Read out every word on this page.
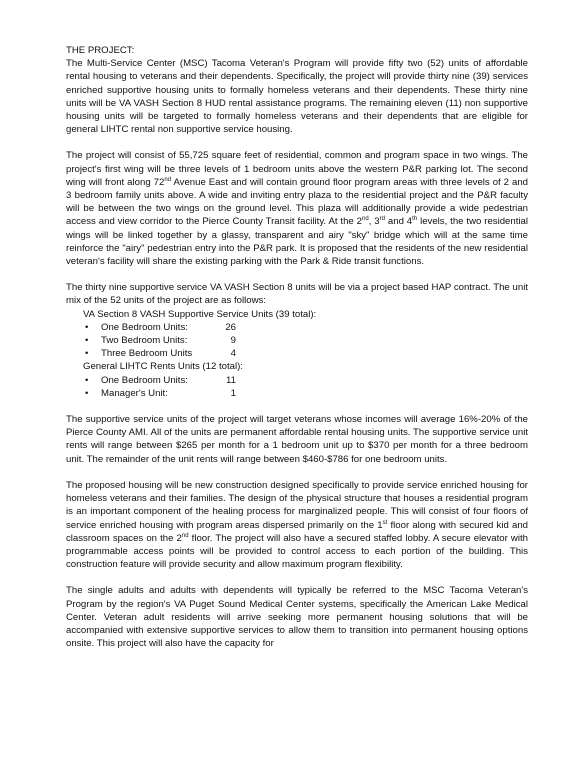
THE PROJECT:

The Multi-Service Center (MSC) Tacoma Veteran's Program will provide fifty two (52) units of affordable rental housing to veterans and their dependents. Specifically, the project will provide thirty nine (39) services enriched supportive housing units to formally homeless veterans and their dependents. These thirty nine units will be VA VASH Section 8 HUD rental assistance programs. The remaining eleven (11) non supportive housing units will be targeted to formally homeless veterans and their dependents that are eligible for general LIHTC rental non supportive service housing.

The project will consist of 55,725 square feet of residential, common and program space in two wings. The project's first wing will be three levels of 1 bedroom units above the western P&R parking lot. The second wing will front along 72nd Avenue East and will contain ground floor program areas with three levels of 2 and 3 bedroom family units above. A wide and inviting entry plaza to the residential project and the P&R faculty will be between the two wings on the ground level. This plaza will additionally provide a wide pedestrian access and view corridor to the Pierce County Transit facility. At the 2nd, 3rd and 4th levels, the two residential wings will be linked together by a glassy, transparent and airy "sky" bridge which will at the same time reinforce the "airy" pedestrian entry into the P&R park. It is proposed that the residents of the new residential veteran's facility will share the existing parking with the Park & Ride transit functions.

The thirty nine supportive service VA VASH Section 8 units will be via a project based HAP contract. The unit mix of the 52 units of the project are as follows:

VA Section 8 VASH Supportive Service Units (39 total):

• One Bedroom Units:	26
• Two Bedroom Units:	9
• Three Bedroom Units	4

General LIHTC Rents Units (12 total):

• One Bedroom Units:	11
• Manager's Unit:	1

The supportive service units of the project will target veterans whose incomes will average 16%-20% of the Pierce County AMI. All of the units are permanent affordable rental housing units. The supportive service unit rents will range between $265 per month for a 1 bedroom unit up to $370 per month for a three bedroom unit. The remainder of the unit rents will range between $460-$786 for one bedroom units.

The proposed housing will be new construction designed specifically to provide service enriched housing for homeless veterans and their families. The design of the physical structure that houses a residential program is an important component of the healing process for marginalized people. This will consist of four floors of service enriched housing with program areas dispersed primarily on the 1st floor along with secured kid and classroom spaces on the 2nd floor. The project will also have a secured staffed lobby. A secure elevator with programmable access points will be provided to control access to each portion of the building. This construction feature will provide security and allow maximum program flexibility.

The single adults and adults with dependents will typically be referred to the MSC Tacoma Veteran's Program by the region's VA Puget Sound Medical Center systems, specifically the American Lake Medical Center. Veteran adult residents will arrive seeking more permanent housing solutions that will be accompanied with extensive supportive services to allow them to transition into permanent housing options onsite. This project will also have the capacity for
